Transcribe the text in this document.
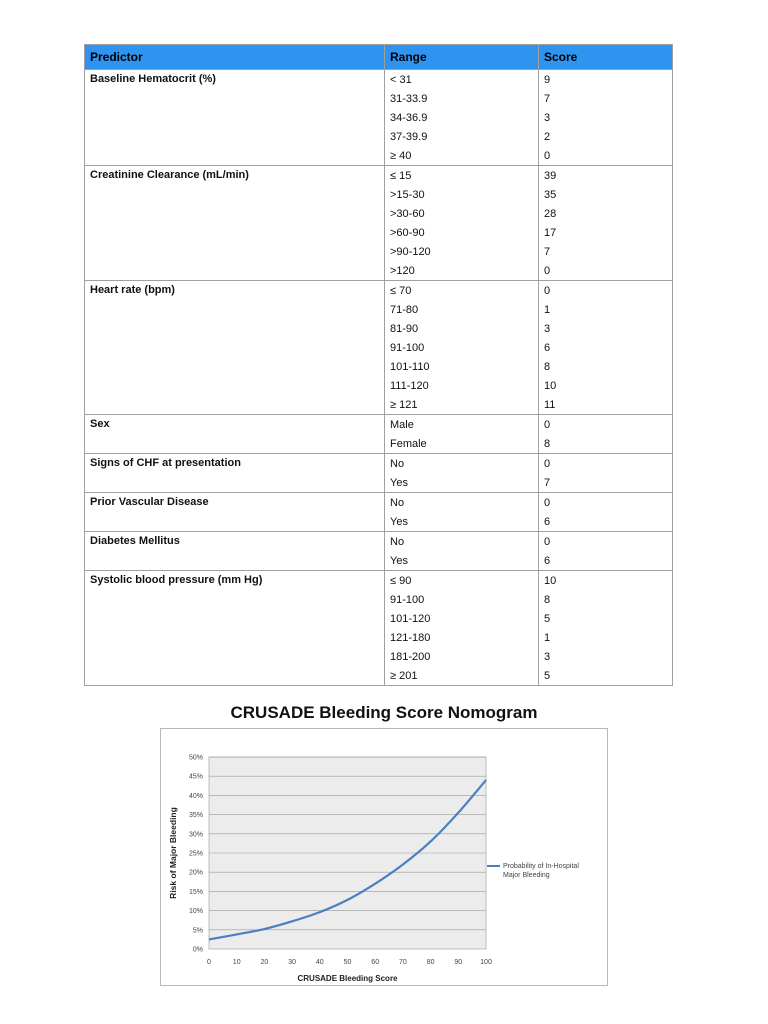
Predictor	Range	Score
Baseline Hematocrit (%)	< 31	9
	31-33.9	7
	34-36.9	3
	37-39.9	2
	≥ 40	0
Creatinine Clearance (mL/min)	≤ 15	39
	>15-30	35
	>30-60	28
	>60-90	17
	>90-120	7
	>120	0
Heart rate (bpm)	≤ 70	0
	71-80	1
	81-90	3
	91-100	6
	101-110	8
	111-120	10
	≥ 121	11
Sex	Male	0
	Female	8
Signs of CHF at presentation	No	0
	Yes	7
Prior Vascular Disease	No	0
	Yes	6
Diabetes Mellitus	No	0
	Yes	6
Systolic blood pressure (mm Hg)	≤ 90	10
	91-100	8
	101-120	5
	121-180	1
	181-200	3
	≥ 201	5
CRUSADE Bleeding Score Nomogram
0%
5%
10%
15%
20%
25%
30%
35%
40%
45%
50%
0	10	20	30	40	50	60	70	80	90	100
CRUSADE Bleeding Score
Risk of Major Bleeding	Probability of In-Hospital Major Bleeding
